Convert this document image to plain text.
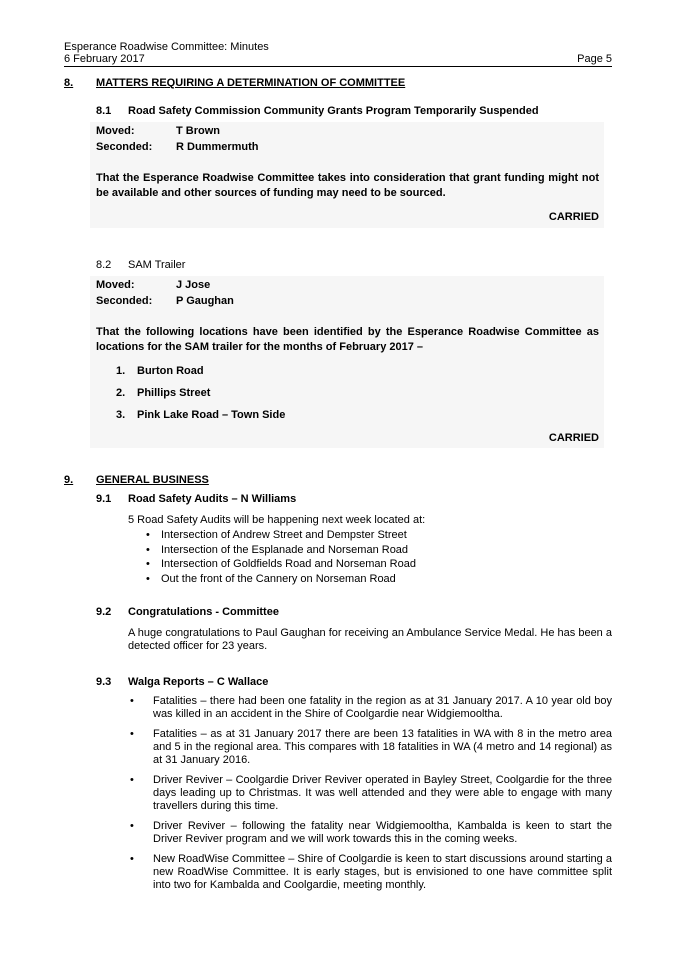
Esperance Roadwise Committee: Minutes
6 February 2017	Page 5
8. MATTERS REQUIRING A DETERMINATION OF COMMITTEE
8.1 Road Safety Commission Community Grants Program Temporarily Suspended
Moved:	T Brown
Seconded: R Dummermuth
That the Esperance Roadwise Committee takes into consideration that grant funding might not be available and other sources of funding may need to be sourced.
CARRIED
8.2 SAM Trailer
Moved:	J Jose
Seconded: P Gaughan
That the following locations have been identified by the Esperance Roadwise Committee as locations for the SAM trailer for the months of February 2017 –
1. Burton Road
2. Phillips Street
3. Pink Lake Road – Town Side
CARRIED
9. GENERAL BUSINESS
9.1 Road Safety Audits – N Williams
5 Road Safety Audits will be happening next week located at:
• Intersection of Andrew Street and Dempster Street
• Intersection of the Esplanade and Norseman Road
• Intersection of Goldfields Road and Norseman Road
• Out the front of the Cannery on Norseman Road
9.2 Congratulations - Committee
A huge congratulations to Paul Gaughan for receiving an Ambulance Service Medal. He has been a detected officer for 23 years.
9.3 Walga Reports – C Wallace
• Fatalities – there had been one fatality in the region as at 31 January 2017. A 10 year old boy was killed in an accident in the Shire of Coolgardie near Widgiemooltha.
• Fatalities – as at 31 January 2017 there are been 13 fatalities in WA with 8 in the metro area and 5 in the regional area. This compares with 18 fatalities in WA (4 metro and 14 regional) as at 31 January 2016.
• Driver Reviver – Coolgardie Driver Reviver operated in Bayley Street, Coolgardie for the three days leading up to Christmas. It was well attended and they were able to engage with many travellers during this time.
• Driver Reviver – following the fatality near Widgiemooltha, Kambalda is keen to start the Driver Reviver program and we will work towards this in the coming weeks.
• New RoadWise Committee – Shire of Coolgardie is keen to start discussions around starting a new RoadWise Committee. It is early stages, but is envisioned to one have committee split into two for Kambalda and Coolgardie, meeting monthly.
